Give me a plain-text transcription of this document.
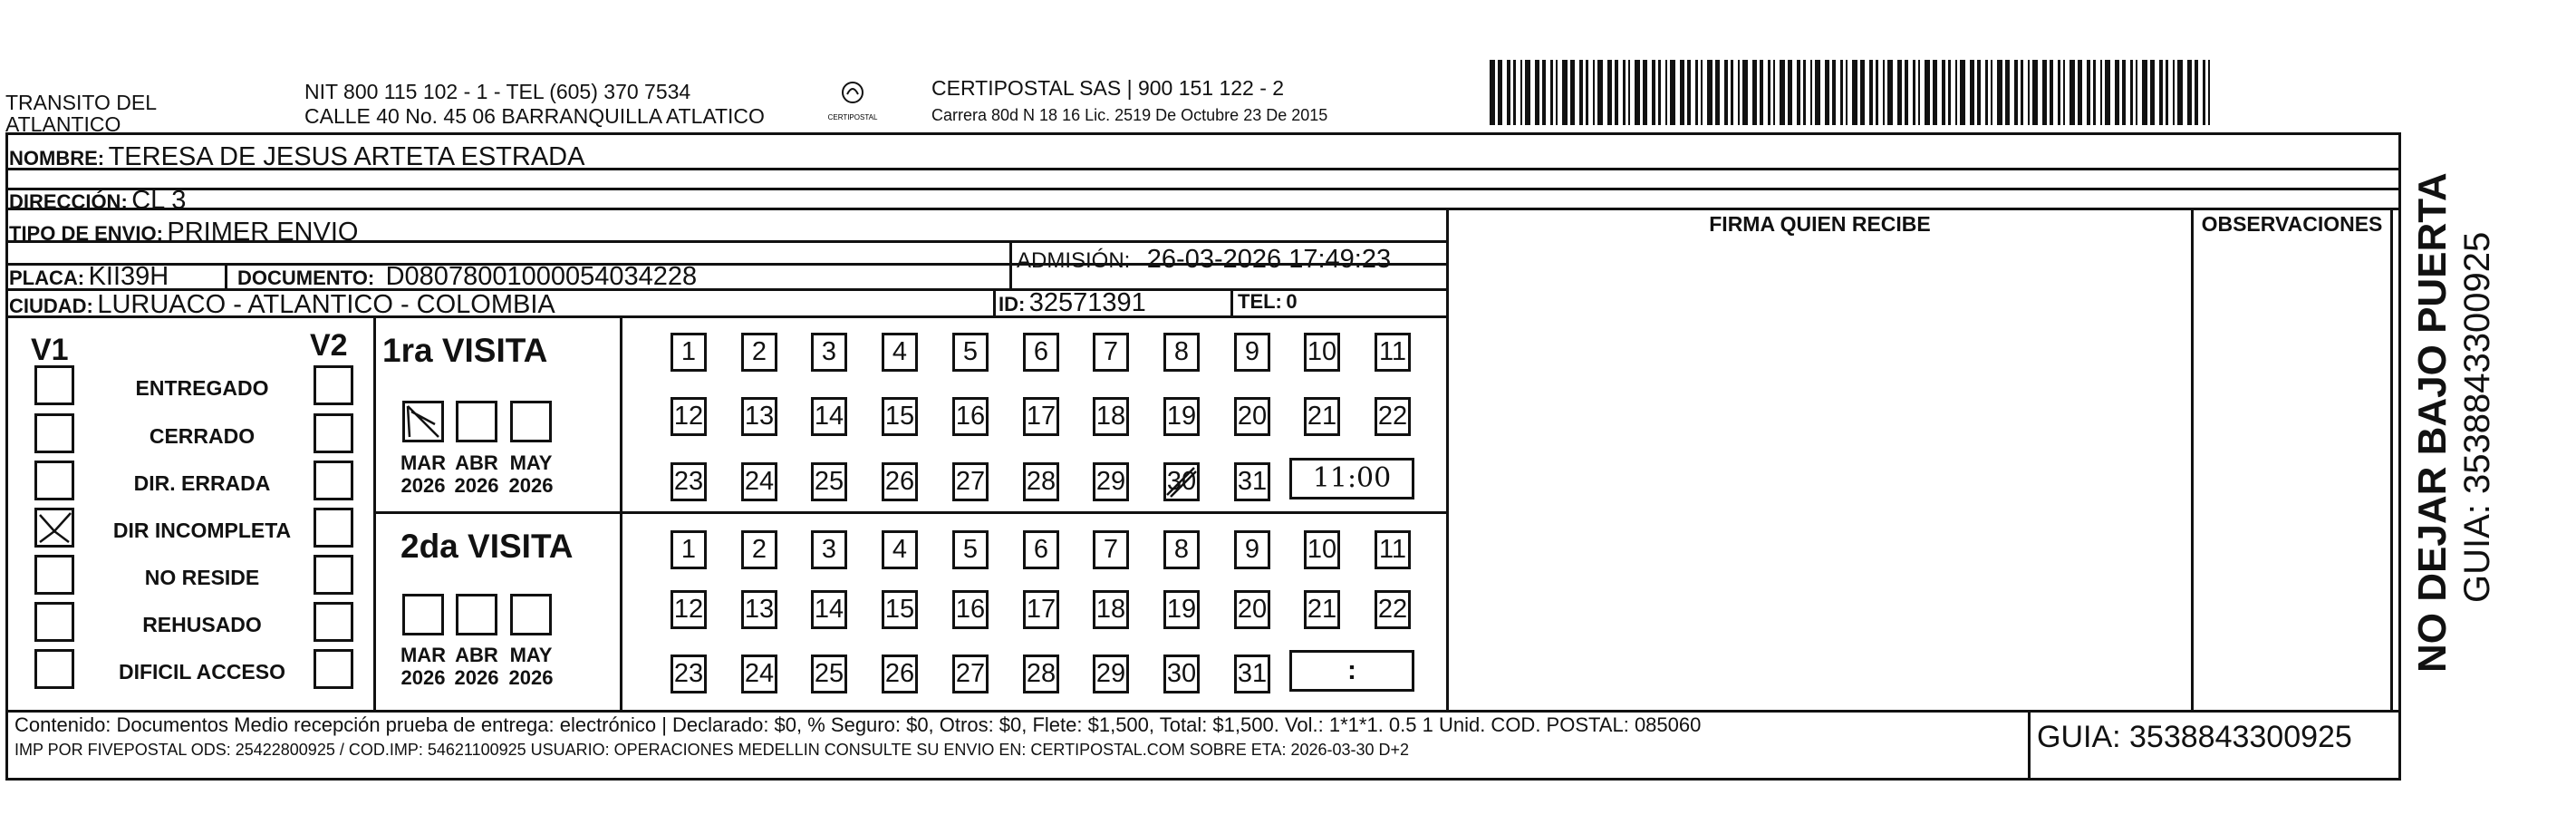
TRANSITO DEL
ATLANTICO
NIT 800 115 102 - 1 - TEL (605) 370 7534
CALLE 40 No. 45 06 BARRANQUILLA ATLATICO	CERTIPOSTAL
CERTIPOSTAL SAS | 900 151 122 - 2
Carrera 80d N 18 16 Lic. 2519 De Octubre 23 De 2015
NOMBRE: TERESA DE JESUS ARTETA ESTRADA
DIRECCIÓN: CL 3
TIPO DE ENVIO: PRIMER ENVIO
PLACA: KII39H	DOCUMENTO: D08078001000054034228
ADMISIÓN: 26-03-2026 17:49:23
CIUDAD: LURUACO - ATLANTICO - COLOMBIA	ID: 32571391	TEL: 0
FIRMA QUIEN RECIBE	OBSERVACIONES
V1	V2
ENTREGADO
CERRADO
DIR. ERRADA
DIR INCOMPLETA
NO RESIDE
REHUSADO
DIFICIL ACCESO
1ra VISITA
2da VISITA
MAR
2026
ABR
2026
MAY
2026
MAR
2026
ABR
2026
MAY
2026
1	2	3	4	5	6	7	8	9	10 11
12 13 14 15 16 17 18 19 20 21 22
23 24 25 26 27 28 29 30 31
1	2	3	4	5	6	7	8	9	10 11
12 13 14 15 16 17 18 19 20 21 22
23 24 25 26 27 28 29 30 31
11:00
:
Contenido: Documentos Medio recepción prueba de entrega: electrónico | Declarado: $0, % Seguro: $0, Otros: $0, Flete: $1,500, Total: $1,500. Vol.: 1*1*1. 0.5 1 Unid. COD. POSTAL: 085060
IMP POR FIVEPOSTAL ODS: 25422800925 / COD.IMP: 54621100925 USUARIO: OPERACIONES MEDELLIN CONSULTE SU ENVIO EN: CERTIPOSTAL.COM SOBRE ETA: 2026-03-30 D+2	GUIA: 3538843300925
NO DEJAR BAJO PUERTA GUIA: 3538843300925
